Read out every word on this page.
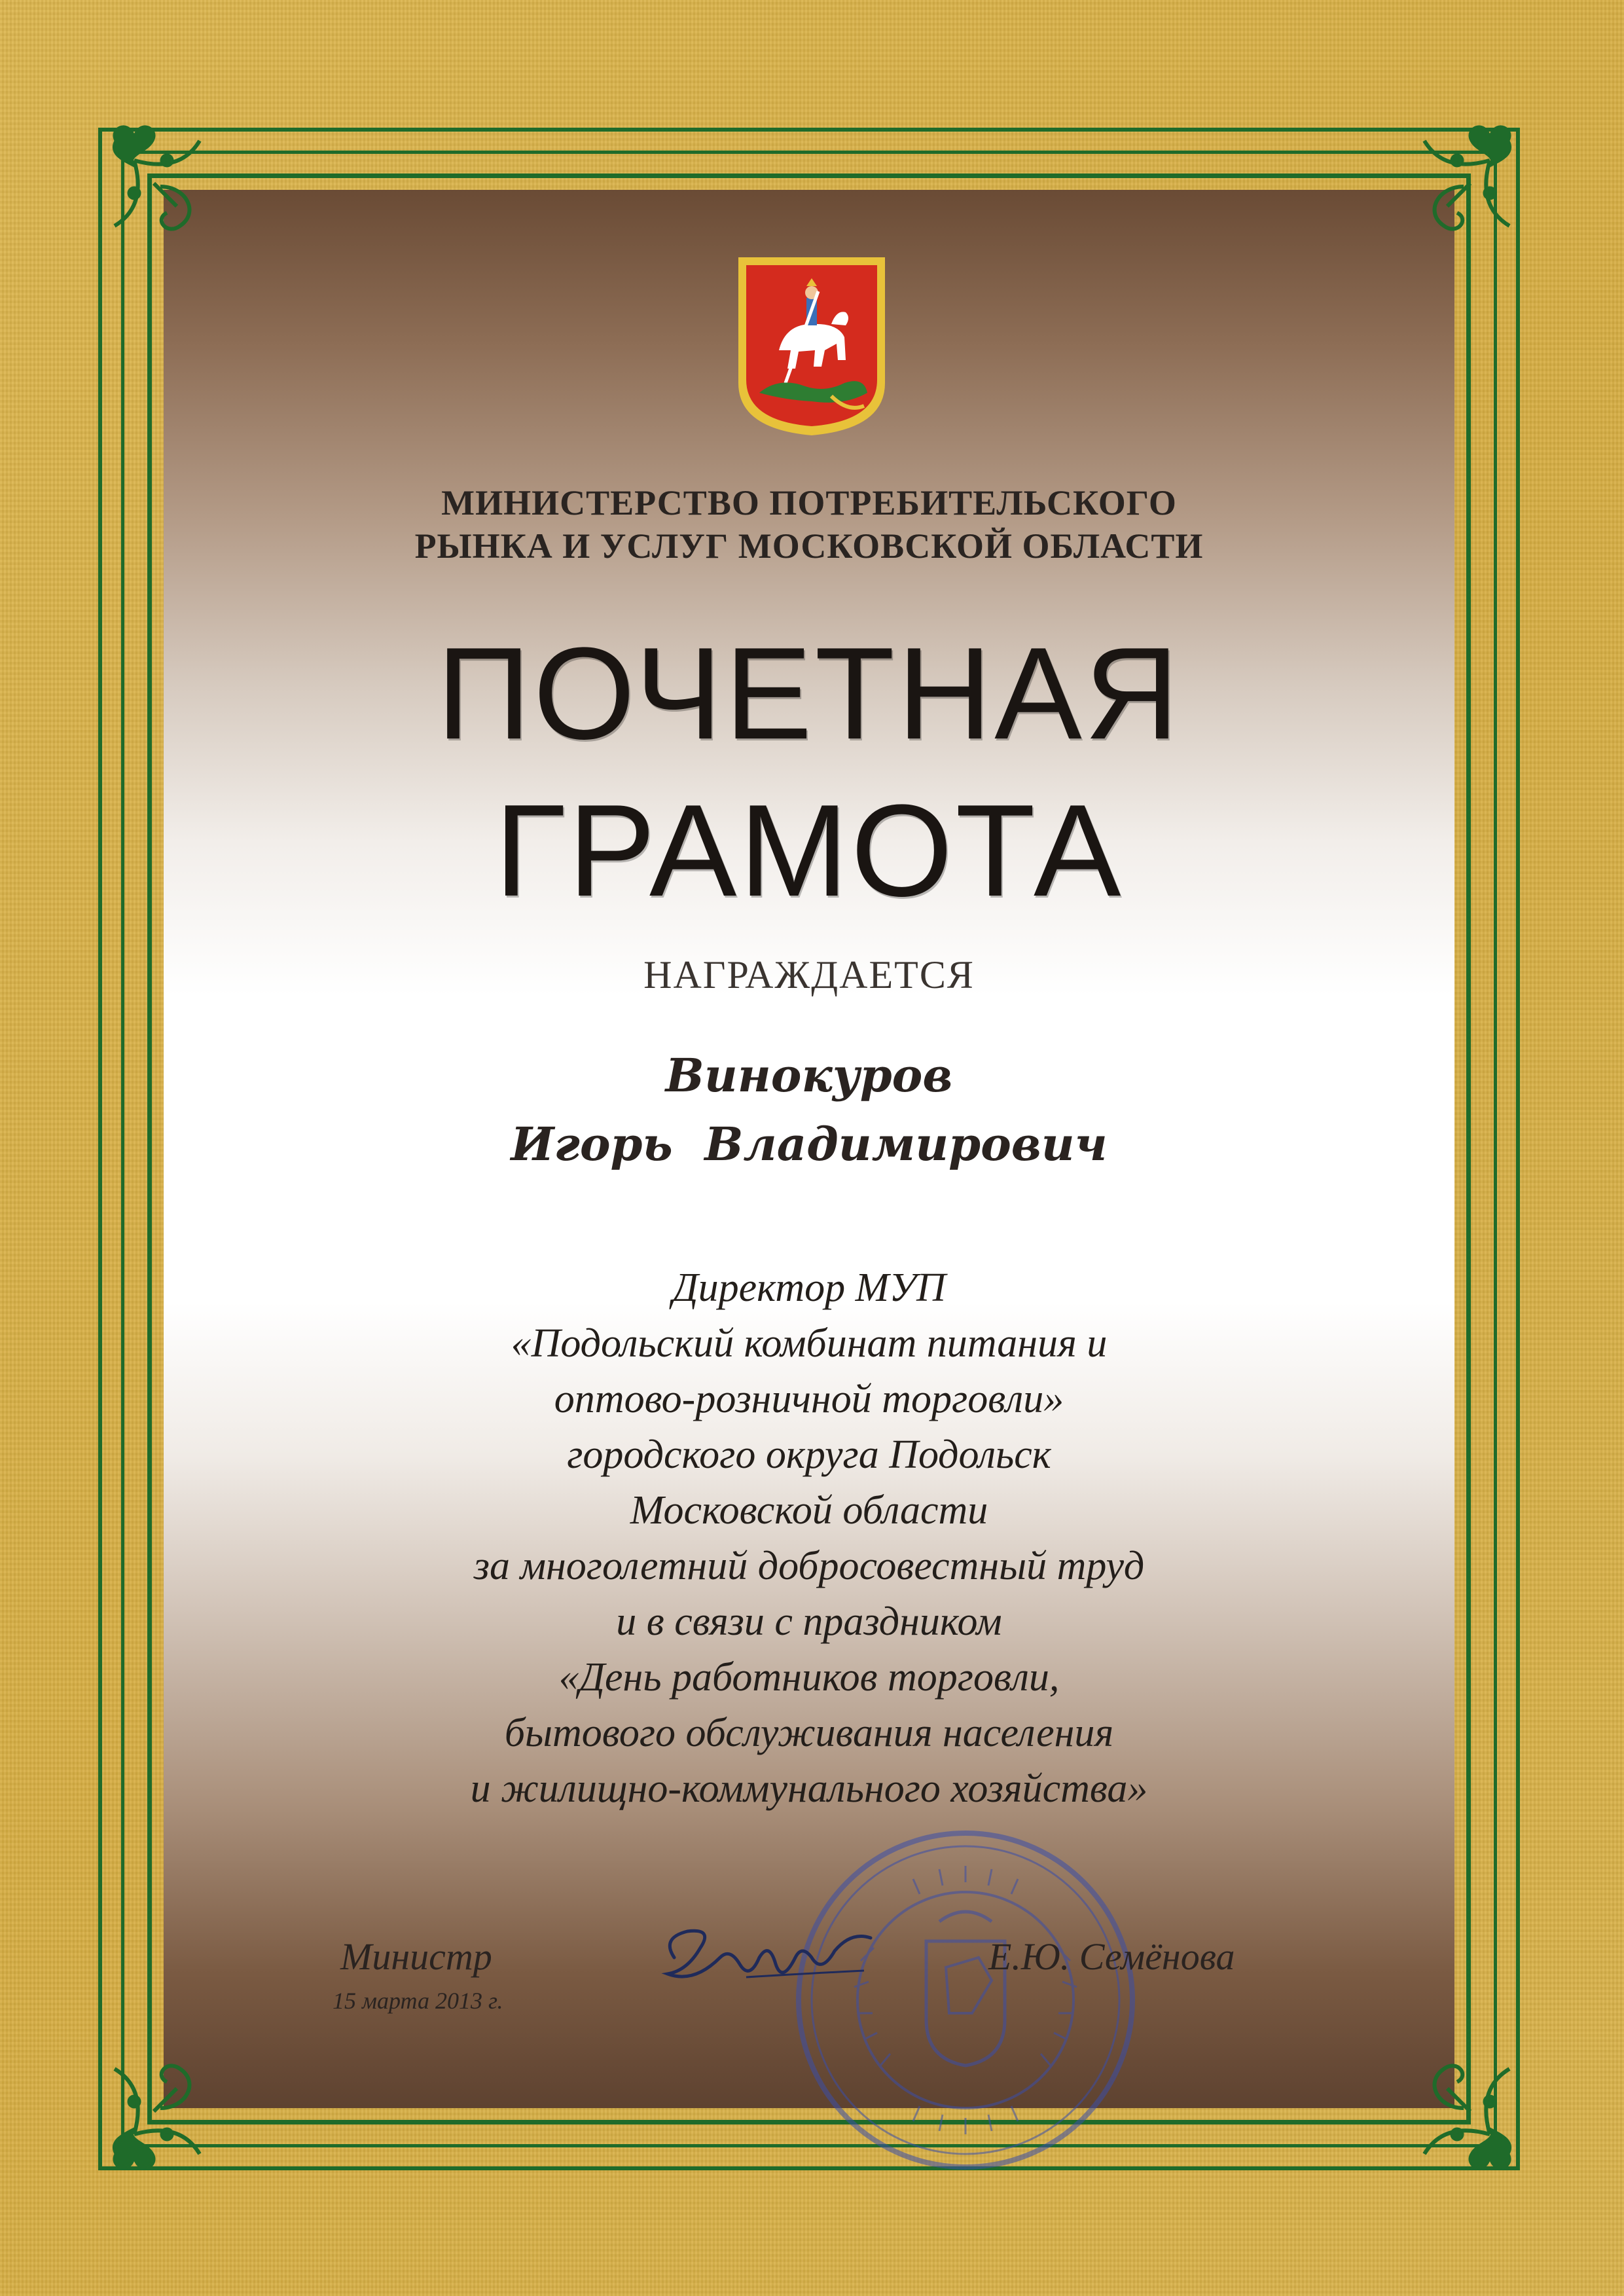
МИНИСТЕРСТВО ПОТРЕБИТЕЛЬСКОГО
РЫНКА И УСЛУГ МОСКОВСКОЙ ОБЛАСТИ
ПОЧЕТНАЯ
ГРАМОТА
НАГРАЖДАЕТСЯ
Винокуров
Игорь  Владимирович
Директор МУП
«Подольский комбинат питания и
оптово-розничной торговли»
городского округа Подольск
Московской области
за многолетний добросовестный труд
и в связи с праздником
«День работников торговли,
бытового обслуживания населения
и жилищно-коммунального хозяйства»
Министр
15 марта 2013 г.
Е.Ю. Семёнова
